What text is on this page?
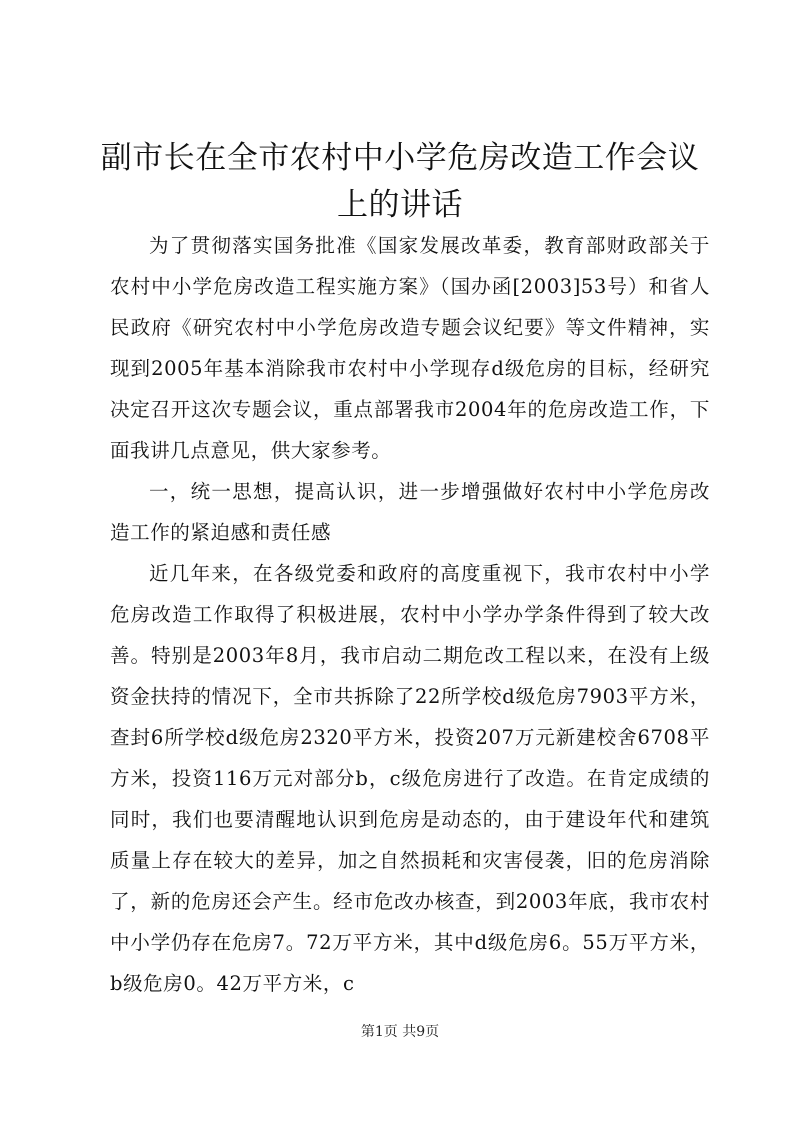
副市长在全市农村中小学危房改造工作会议上的讲话

为了贯彻落实国务批准《国家发展改革委，教育部财政部关于农村中小学危房改造工程实施方案》（国办函[2003]53号）和省人民政府《研究农村中小学危房改造专题会议纪要》等文件精神，实现到2005年基本消除我市农村中小学现存d级危房的目标，经研究决定召开这次专题会议，重点部署我市2004年的危房改造工作，下面我讲几点意见，供大家参考。

一，统一思想，提高认识，进一步增强做好农村中小学危房改造工作的紧迫感和责任感

近几年来，在各级党委和政府的高度重视下，我市农村中小学危房改造工作取得了积极进展，农村中小学办学条件得到了较大改善。特别是2003年8月，我市启动二期危改工程以来，在没有上级资金扶持的情况下，全市共拆除了22所学校d级危房7903平方米，查封6所学校d级危房2320平方米，投资207万元新建校舍6708平方米，投资116万元对部分b，c级危房进行了改造。在肯定成绩的同时，我们也要清醒地认识到危房是动态的，由于建设年代和建筑质量上存在较大的差异，加之自然损耗和灾害侵袭，旧的危房消除了，新的危房还会产生。经市危改办核查，到2003年底，我市农村中小学仍存在危房7。72万平方米，其中d级危房6。55万平方米，b级危房0。42万平方米，c

第1页 共9页
